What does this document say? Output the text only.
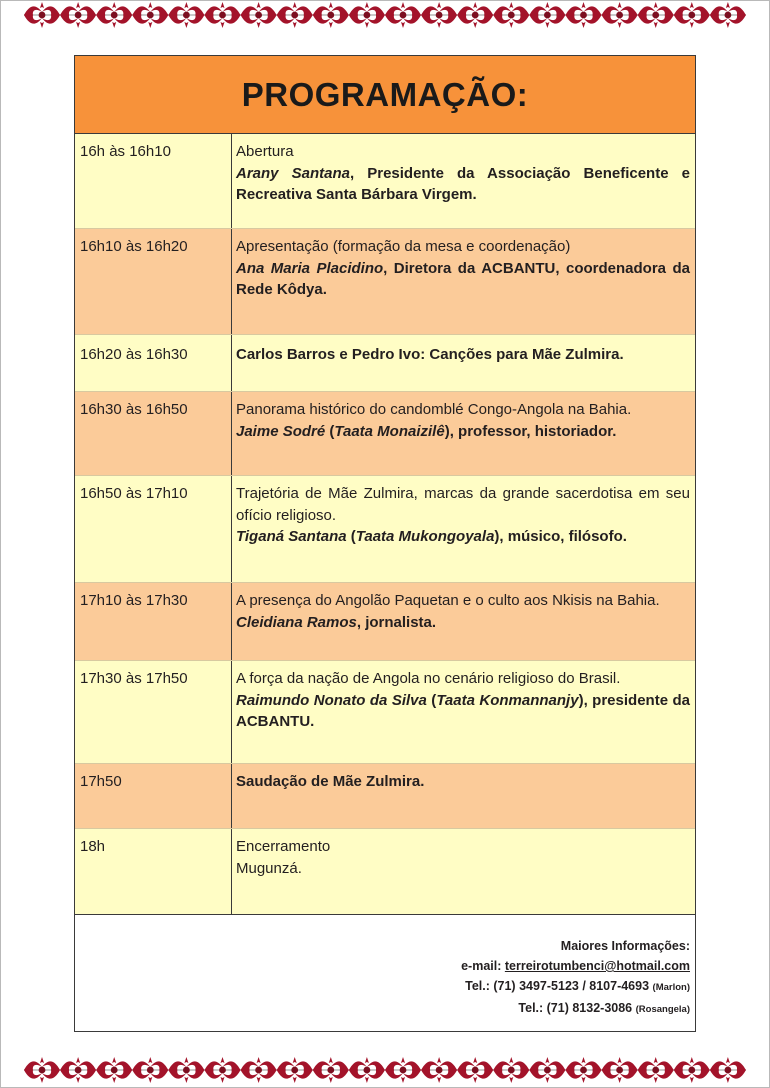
PROGRAMAÇÃO:
16h às 16h10	Abertura

Arany Santana, Presidente da Associação Beneficente e Recreativa Santa Bárbara Virgem.

16h10 às 16h20	Apresentação (formação da mesa e coordenação)

Ana Maria Placidino, Diretora da ACBANTU, coordenadora da Rede Kôdya.

16h20 às 16h30	Carlos Barros e Pedro Ivo: Canções para Mãe Zulmira.

16h30 às 16h50	Panorama histórico do candomblé Congo-Angola na Bahia.

Jaime Sodré (Taata Monaizilê), professor, historiador.

16h50 às 17h10	Trajetória de Mãe Zulmira, marcas da grande sacerdotisa em seu ofício religioso.

Tiganá Santana (Taata Mukongoyala), músico, filósofo.

17h10 às 17h30	A presença do Angolão Paquetan e o culto aos Nkisis na Bahia.

Cleidiana Ramos, jornalista.

17h30 às 17h50	A força da nação de Angola no cenário religioso do Brasil.

Raimundo Nonato da Silva (Taata Konmannanjy), presidente da ACBANTU.

17h50	Saudação de Mãe Zulmira.

18h	Encerramento

Mugunzá.

Maiores Informações:
e-mail: terreirotumbenci@hotmail.com
Tel.: (71) 3497-5123 / 8107-4693 (Marlon)
Tel.: (71) 8132-3086 (Rosangela)
